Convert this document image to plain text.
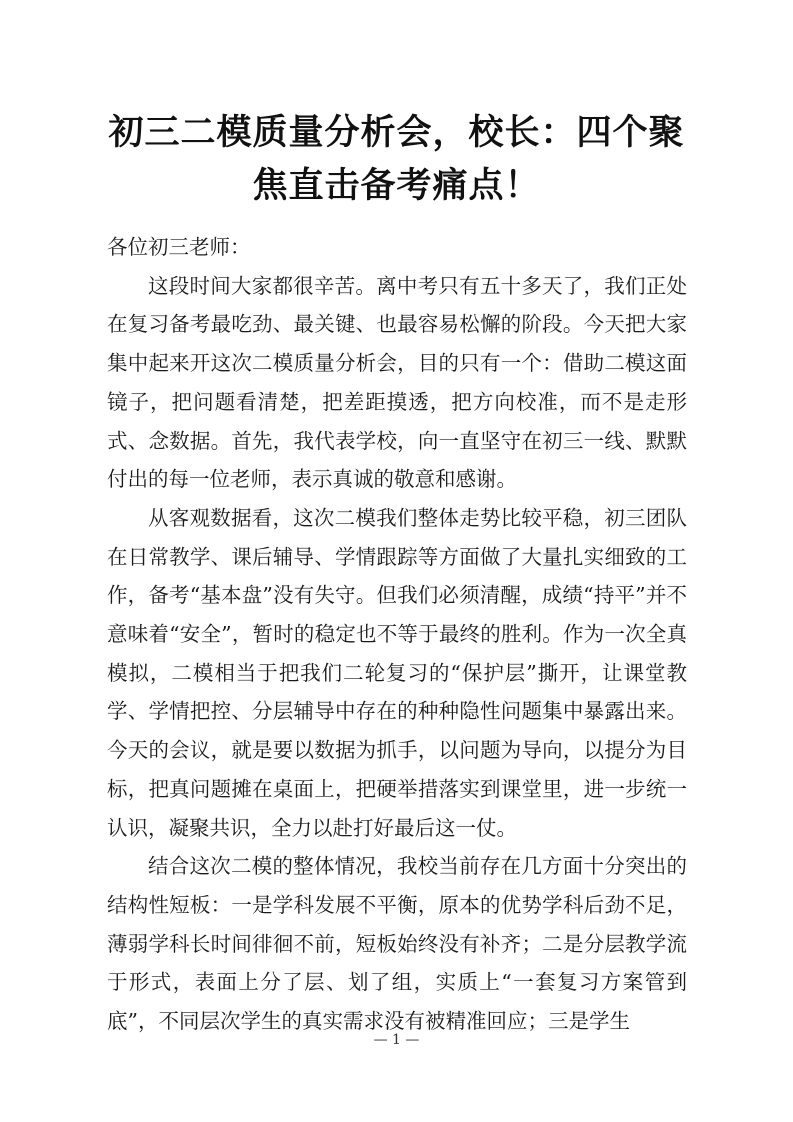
初三二模质量分析会，校长：四个聚焦直击备考痛点！

各位初三老师：

这段时间大家都很辛苦。离中考只有五十多天了，我们正处在复习备考最吃劲、最关键、也最容易松懈的阶段。今天把大家集中起来开这次二模质量分析会，目的只有一个：借助二模这面镜子，把问题看清楚，把差距摸透，把方向校准，而不是走形式、念数据。首先，我代表学校，向一直坚守在初三一线、默默付出的每一位老师，表示真诚的敬意和感谢。

从客观数据看，这次二模我们整体走势比较平稳，初三团队在日常教学、课后辅导、学情跟踪等方面做了大量扎实细致的工作，备考“基本盘”没有失守。但我们必须清醒，成绩“持平”并不意味着“安全”，暂时的稳定也不等于最终的胜利。作为一次全真模拟，二模相当于把我们二轮复习的“保护层”撕开，让课堂教学、学情把控、分层辅导中存在的种种隐性问题集中暴露出来。今天的会议，就是要以数据为抓手，以问题为导向，以提分为目标，把真问题摊在桌面上，把硬举措落实到课堂里，进一步统一认识，凝聚共识，全力以赴打好最后这一仗。

结合这次二模的整体情况，我校当前存在几方面十分突出的结构性短板：一是学科发展不平衡，原本的优势学科后劲不足，薄弱学科长时间徘徊不前，短板始终没有补齐；二是分层教学流于形式，表面上分了层、划了组，实质上“一套复习方案管到底”，不同层次学生的真实需求没有被精准回应；三是学生

— 1 —
